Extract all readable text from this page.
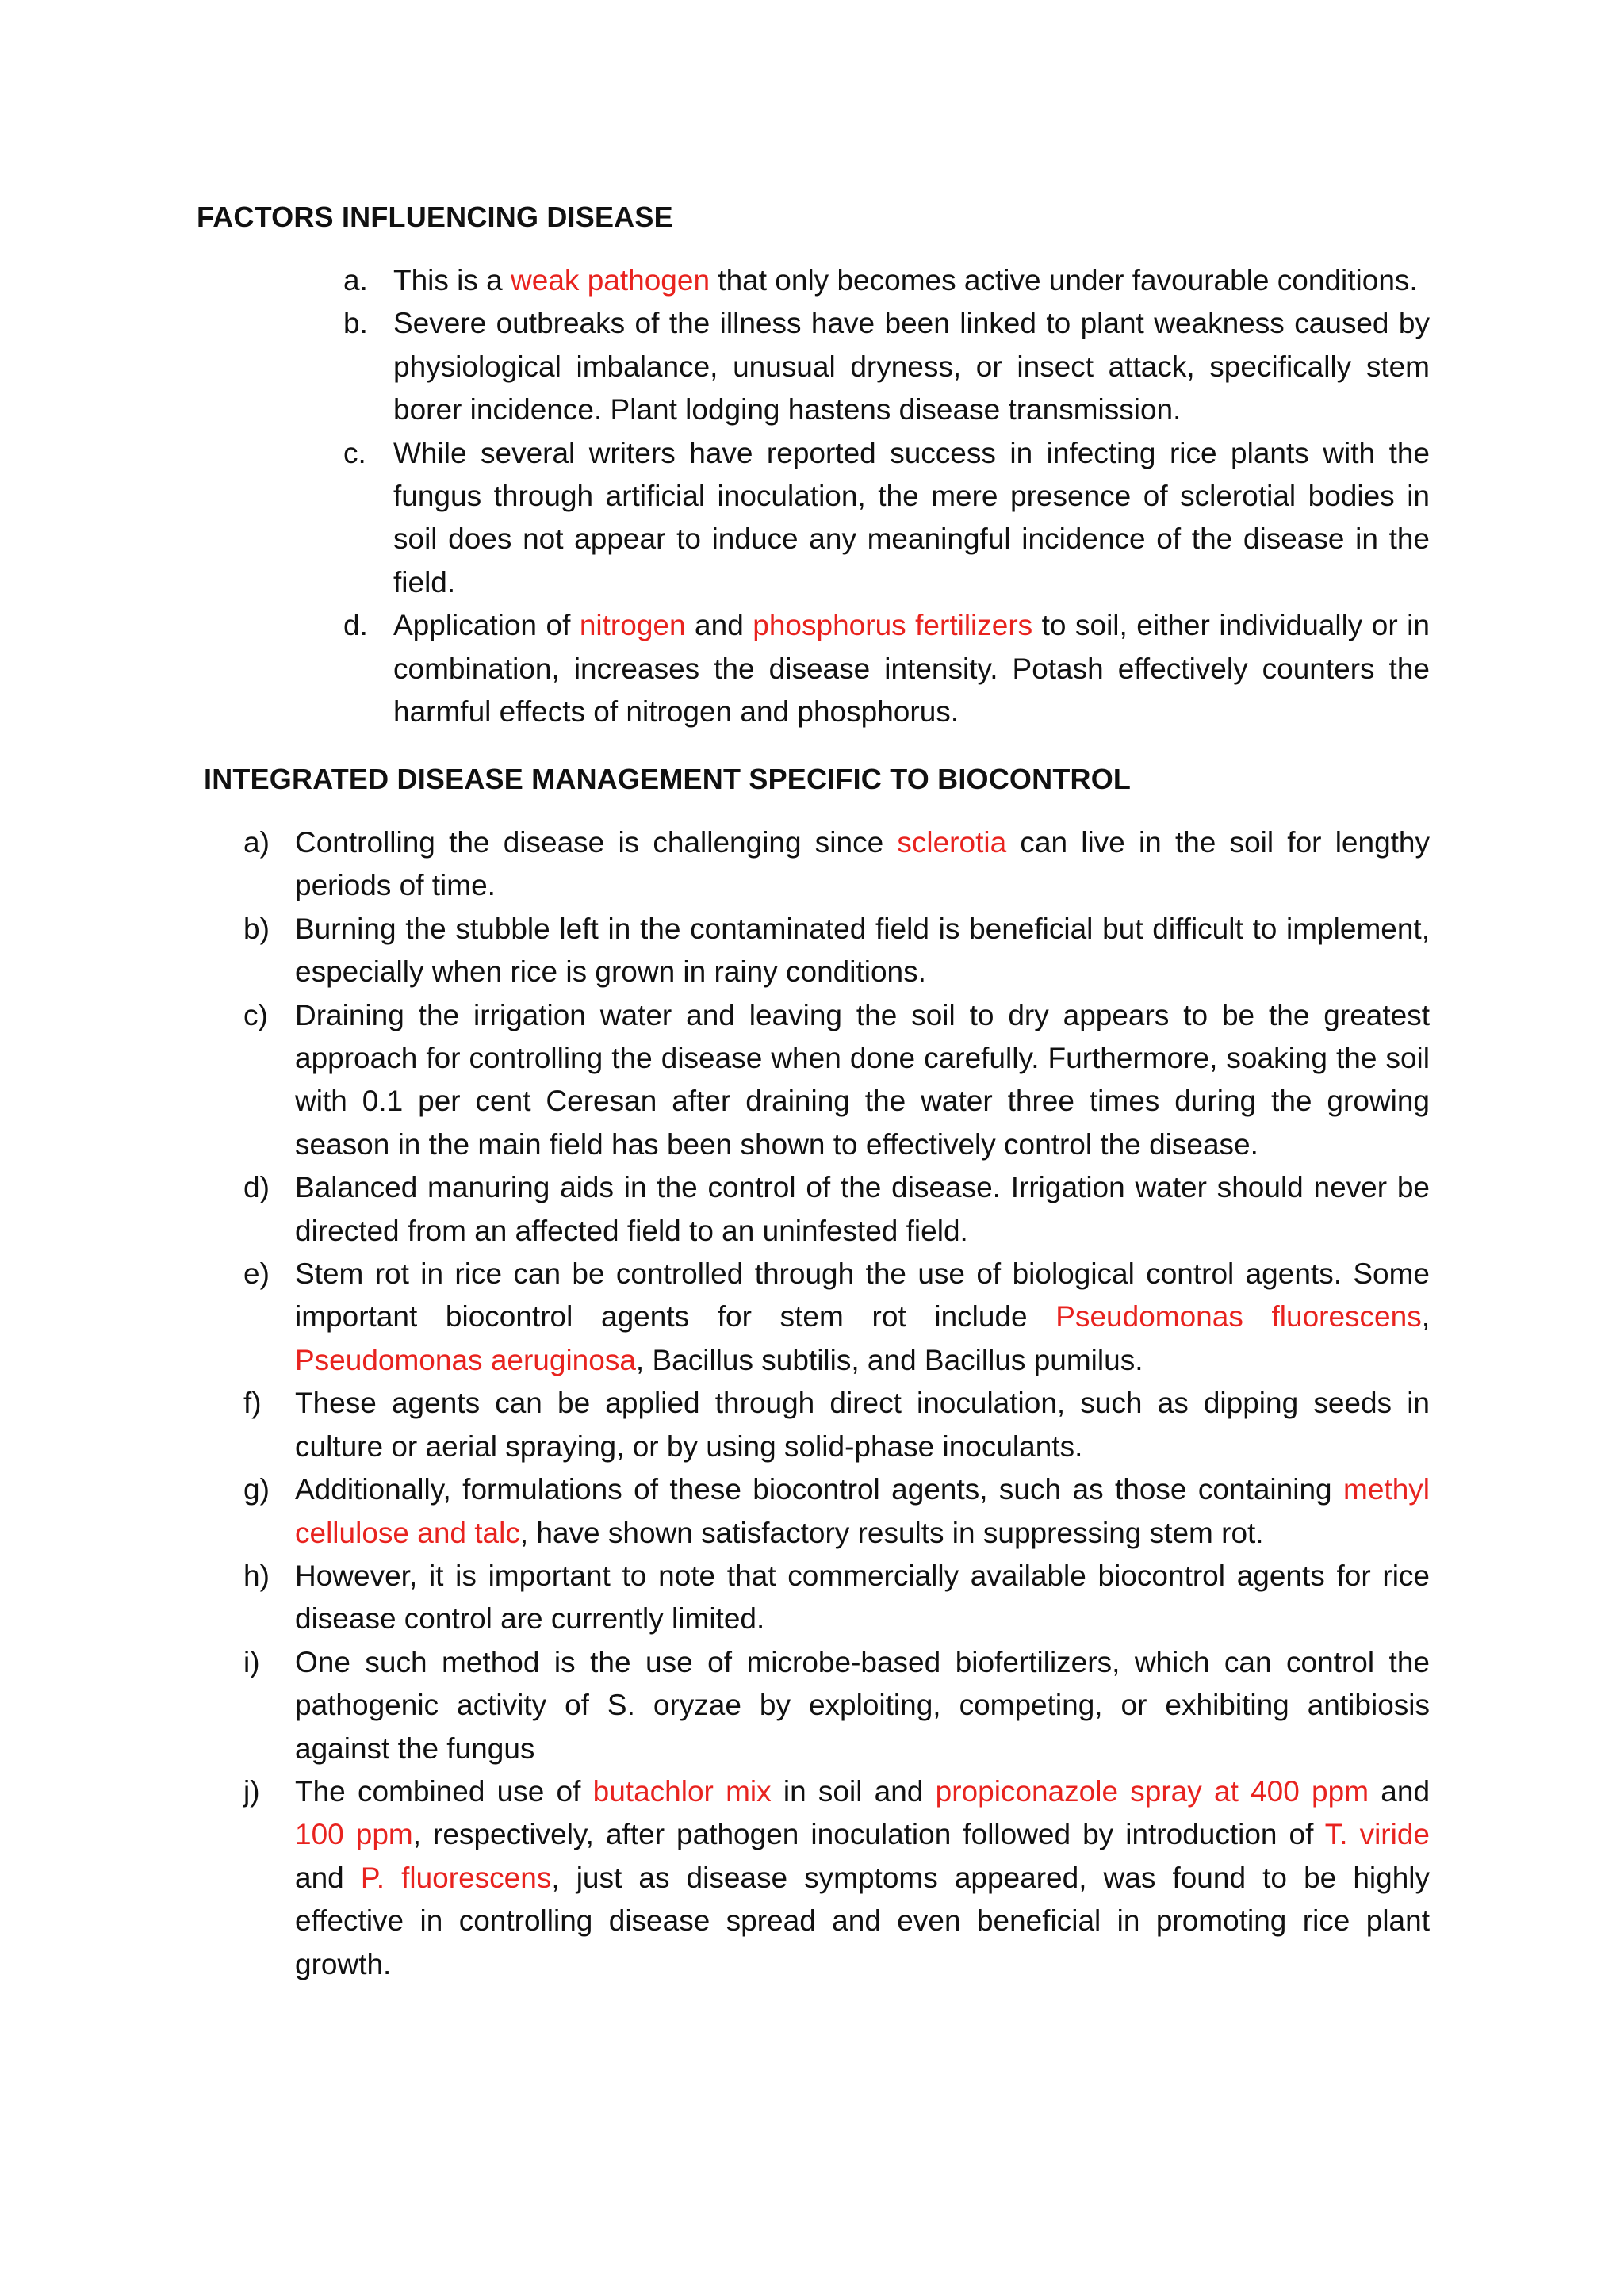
FACTORS INFLUENCING DISEASE
a. This is a weak pathogen that only becomes active under favourable conditions.
b. Severe outbreaks of the illness have been linked to plant weakness caused by physiological imbalance, unusual dryness, or insect attack, specifically stem borer incidence. Plant lodging hastens disease transmission.
c. While several writers have reported success in infecting rice plants with the fungus through artificial inoculation, the mere presence of sclerotial bodies in soil does not appear to induce any meaningful incidence of the disease in the field.
d. Application of nitrogen and phosphorus fertilizers to soil, either individually or in combination, increases the disease intensity. Potash effectively counters the harmful effects of nitrogen and phosphorus.
INTEGRATED DISEASE MANAGEMENT SPECIFIC TO BIOCONTROL
a) Controlling the disease is challenging since sclerotia can live in the soil for lengthy periods of time.
b) Burning the stubble left in the contaminated field is beneficial but difficult to implement, especially when rice is grown in rainy conditions.
c) Draining the irrigation water and leaving the soil to dry appears to be the greatest approach for controlling the disease when done carefully. Furthermore, soaking the soil with 0.1 per cent Ceresan after draining the water three times during the growing season in the main field has been shown to effectively control the disease.
d) Balanced manuring aids in the control of the disease. Irrigation water should never be directed from an affected field to an uninfested field.
e) Stem rot in rice can be controlled through the use of biological control agents. Some important biocontrol agents for stem rot include Pseudomonas fluorescens, Pseudomonas aeruginosa, Bacillus subtilis, and Bacillus pumilus.
f) These agents can be applied through direct inoculation, such as dipping seeds in culture or aerial spraying, or by using solid-phase inoculants.
g) Additionally, formulations of these biocontrol agents, such as those containing methyl cellulose and talc, have shown satisfactory results in suppressing stem rot.
h) However, it is important to note that commercially available biocontrol agents for rice disease control are currently limited.
i) One such method is the use of microbe-based biofertilizers, which can control the pathogenic activity of S. oryzae by exploiting, competing, or exhibiting antibiosis against the fungus
j) The combined use of butachlor mix in soil and propiconazole spray at 400 ppm and 100 ppm, respectively, after pathogen inoculation followed by introduction of T. viride and P. fluorescens, just as disease symptoms appeared, was found to be highly effective in controlling disease spread and even beneficial in promoting rice plant growth.
